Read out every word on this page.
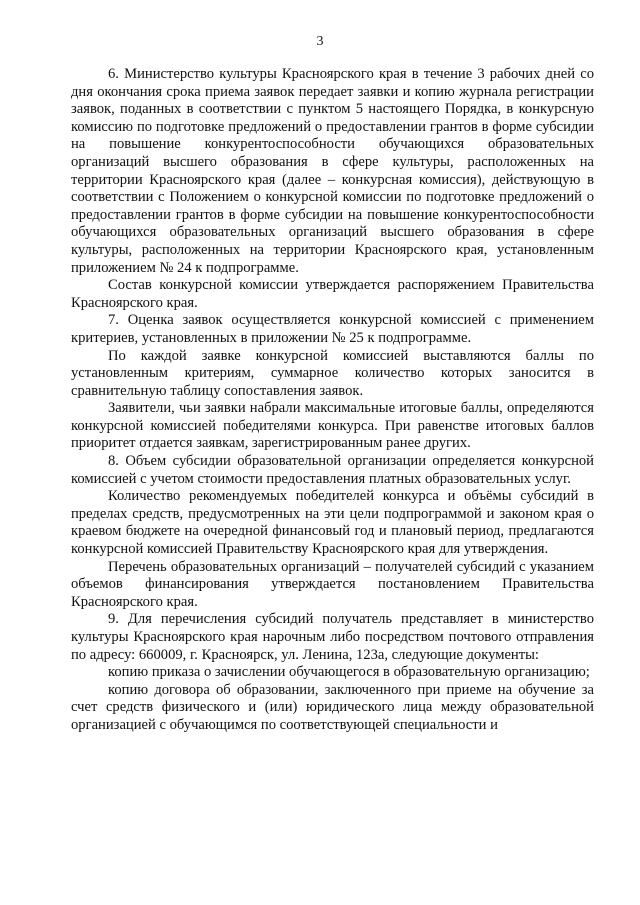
3

6. Министерство культуры Красноярского края в течение 3 рабочих дней со дня окончания срока приема заявок передает заявки и копию журнала регистрации заявок, поданных в соответствии с пунктом 5 настоящего Порядка, в конкурсную комиссию по подготовке предложений о предоставлении грантов в форме субсидии на повышение конкурентоспособности обучающихся образовательных организаций высшего образования в сфере культуры, расположенных на территории Красноярского края (далее – конкурсная комиссия), действующую в соответствии с Положением о конкурсной комиссии по подготовке предложений о предоставлении грантов в форме субсидии на повышение конкурентоспособности обучающихся образовательных организаций высшего образования в сфере культуры, расположенных на территории Красноярского края, установленным приложением № 24 к подпрограмме.

Состав конкурсной комиссии утверждается распоряжением Правительства Красноярского края.

7. Оценка заявок осуществляется конкурсной комиссией с применением критериев, установленных в приложении № 25 к подпрограмме.

По каждой заявке конкурсной комиссией выставляются баллы по установленным критериям, суммарное количество которых заносится в сравнительную таблицу сопоставления заявок.

Заявители, чьи заявки набрали максимальные итоговые баллы, определяются конкурсной комиссией победителями конкурса. При равенстве итоговых баллов приоритет отдается заявкам, зарегистрированным ранее других.

8. Объем субсидии образовательной организации определяется конкурсной комиссией с учетом стоимости предоставления платных образовательных услуг.

Количество рекомендуемых победителей конкурса и объёмы субсидий в пределах средств, предусмотренных на эти цели подпрограммой и законом края о краевом бюджете на очередной финансовый год и плановый период, предлагаются конкурсной комиссией Правительству Красноярского края для утверждения.

Перечень образовательных организаций – получателей субсидий с указанием объемов финансирования утверждается постановлением Правительства Красноярского края.

9. Для перечисления субсидий получатель представляет в министерство культуры Красноярского края нарочным либо посредством почтового отправления по адресу: 660009, г. Красноярск, ул. Ленина, 123а, следующие документы:

копию приказа о зачислении обучающегося в образовательную организацию;

копию договора об образовании, заключенного при приеме на обучение за счет средств физического и (или) юридического лица между образовательной организацией с обучающимся по соответствующей специальности и
